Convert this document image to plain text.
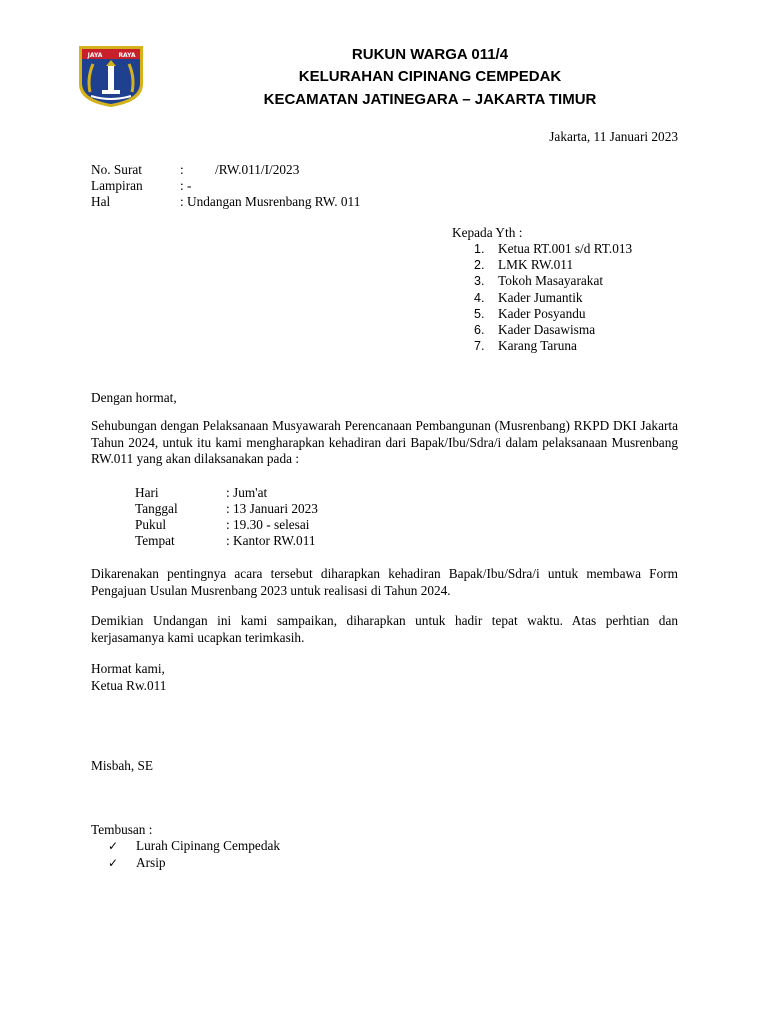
JAYA	RAYA	RUKUN WARGA 011/4
KELURAHAN CIPINANG CEMPEDAK
KECAMATAN JATINEGARA – JAKARTA TIMUR
Jakarta, 11 Januari 2023
No. Surat	: /RW.011/I/2023
Lampiran	: -
Hal	: Undangan Musrenbang RW. 011
Kepada Yth :
1. Ketua RT.001 s/d RT.013
2. LMK RW.011
3. Tokoh Masayarakat
4. Kader Jumantik
5. Kader Posyandu
6. Kader Dasawisma
7. Karang Taruna
Dengan hormat,
Sehubungan dengan Pelaksanaan Musyawarah Perencanaan Pembangunan (Musrenbang) RKPD DKI Jakarta Tahun 2024, untuk itu kami mengharapkan kehadiran dari Bapak/Ibu/Sdra/i dalam pelaksanaan Musrenbang RW.011 yang akan dilaksanakan pada :
Hari	: Jum'at
Tanggal	: 13 Januari 2023
Pukul	: 19.30 - selesai
Tempat	: Kantor RW.011
Dikarenakan pentingnya acara tersebut diharapkan kehadiran Bapak/Ibu/Sdra/i untuk membawa Form Pengajuan Usulan Musrenbang 2023 untuk realisasi di Tahun 2024.
Demikian Undangan ini kami sampaikan, diharapkan untuk hadir tepat waktu. Atas perhtian dan kerjasamanya kami ucapkan terimkasih.
Hormat kami,
Ketua Rw.011
Misbah, SE
Tembusan :
✓ Lurah Cipinang Cempedak
✓ Arsip
